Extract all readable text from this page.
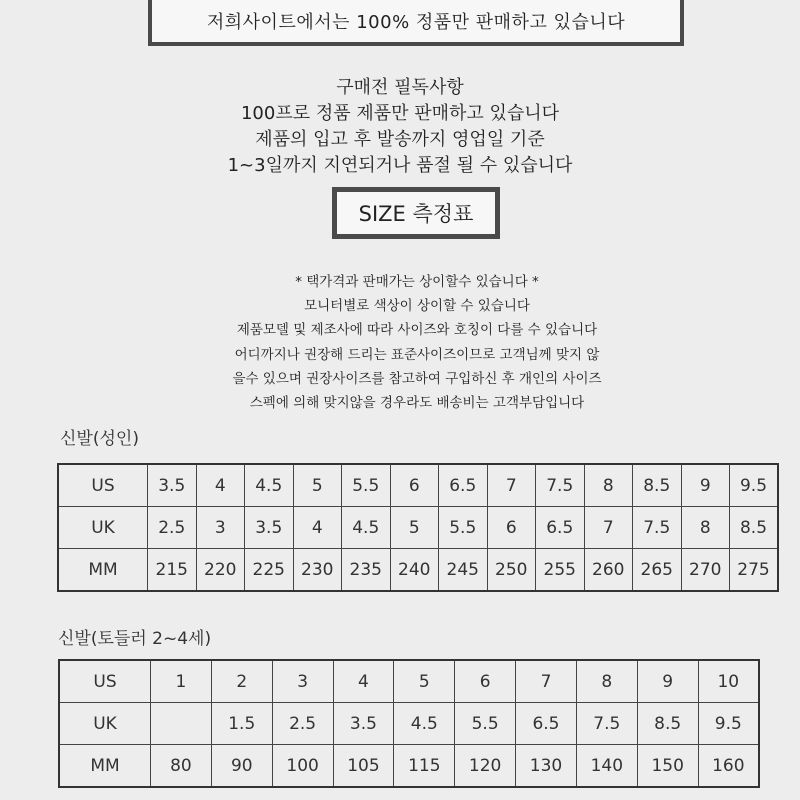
저희사이트에서는 100% 정품만 판매하고 있습니다
구매전 필독사항
100프로 정품 제품만 판매하고 있습니다
제품의 입고 후 발송까지 영업일 기준
1~3일까지 지연되거나 품절 될 수 있습니다
SIZE 측정표
* 택가격과 판매가는 상이할수 있습니다 *
모니터별로 색상이 상이할 수 있습니다
제품모델 및 제조사에 따라 사이즈와 호칭이 다를 수 있습니다
어디까지나 권장해 드리는 표준사이즈이므로 고객님께 맞지 않
을수 있으며 권장사이즈를 참고하여 구입하신 후 개인의 사이즈
스펙에 의해 맞지않을 경우라도 배송비는 고객부담입니다
신발(성인)
US	3.5	4	4.5	5	5.5	6	6.5	7	7.5	8	8.5	9	9.5
UK	2.5	3	3.5	4	4.5	5	5.5	6	6.5	7	7.5	8	8.5
MM	215	220	225	230	235	240	245	250	255	260	265	270	275
신발(토들러 2~4세)
US	1	2	3	4	5	6	7	8	9	10
UK		1.5	2.5	3.5	4.5	5.5	6.5	7.5	8.5	9.5
MM	80	90	100	105	115	120	130	140	150	160
